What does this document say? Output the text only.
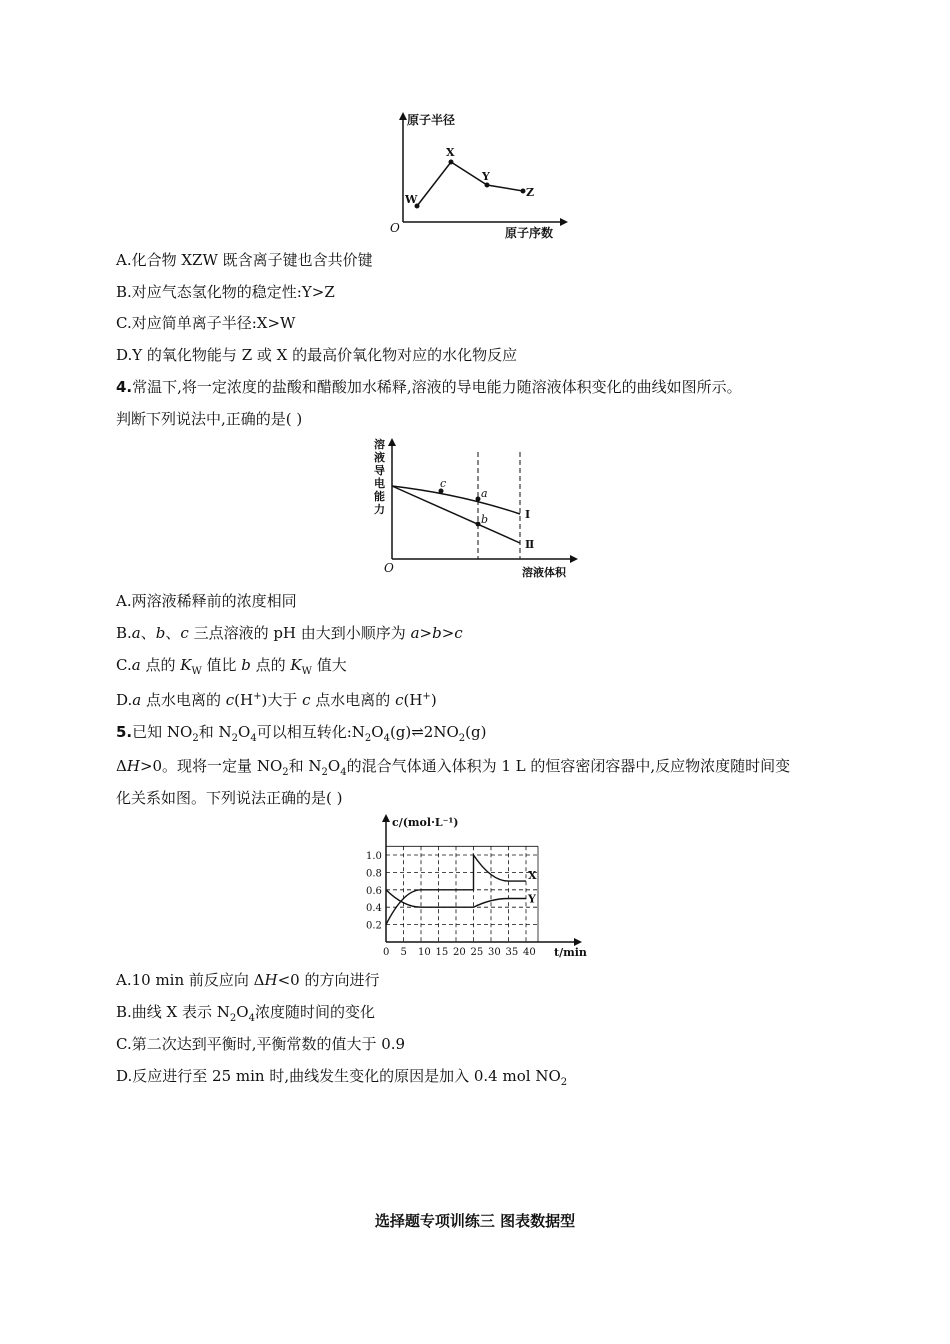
原子半径
原子序数
O
W
X
Y
Z
A.化合物 XZW 既含离子键也含共价键
B.对应气态氢化物的稳定性:Y>Z
C.对应简单离子半径:X>W
D.Y 的氧化物能与 Z 或 X 的最高价氧化物对应的水化物反应
4.常温下,将一定浓度的盐酸和醋酸加水稀释,溶液的导电能力随溶液体积变化的曲线如图所示。
判断下列说法中,正确的是( )
溶液导电能力
溶液体积
O
c
a
b	Ⅰ
Ⅱ
A.两溶液稀释前的浓度相同
B.a、b、c 三点溶液的 pH 由大到小顺序为 a>b>c
C.a 点的 $K_W$ 值比 b 点的 $K_W$ 值大
D.a 点水电离的 c(H+)大于 c 点水电离的 c(H+)
5.已知 $NO_2$和 $N_2O_4$可以相互转化$:N_2O_4(g)\rightleftharpoons 2NO_2(g)$
ΔH>0。现将一定量 $NO_2$和 $N_2O_4$的混合气体通入体积为 1 L 的恒容密闭容器中,反应物浓度随时间变
化关系如图。下列说法正确的是( )
c/(mol·L⁻¹)
t/min
0 5 10 15 20 25 30 35 40
0.2
0.4
0.6
0.8
1.0
X
Y
A.10 min 前反应向 ΔH<0 的方向进行
B.曲线 X 表示 $N_2O_4$浓度随时间的变化
C.第二次达到平衡时,平衡常数的值大于 0.9
D.反应进行至 25 min 时,曲线发生变化的原因是加入 0.4 mol $NO_2$
选择题专项训练三 图表数据型
